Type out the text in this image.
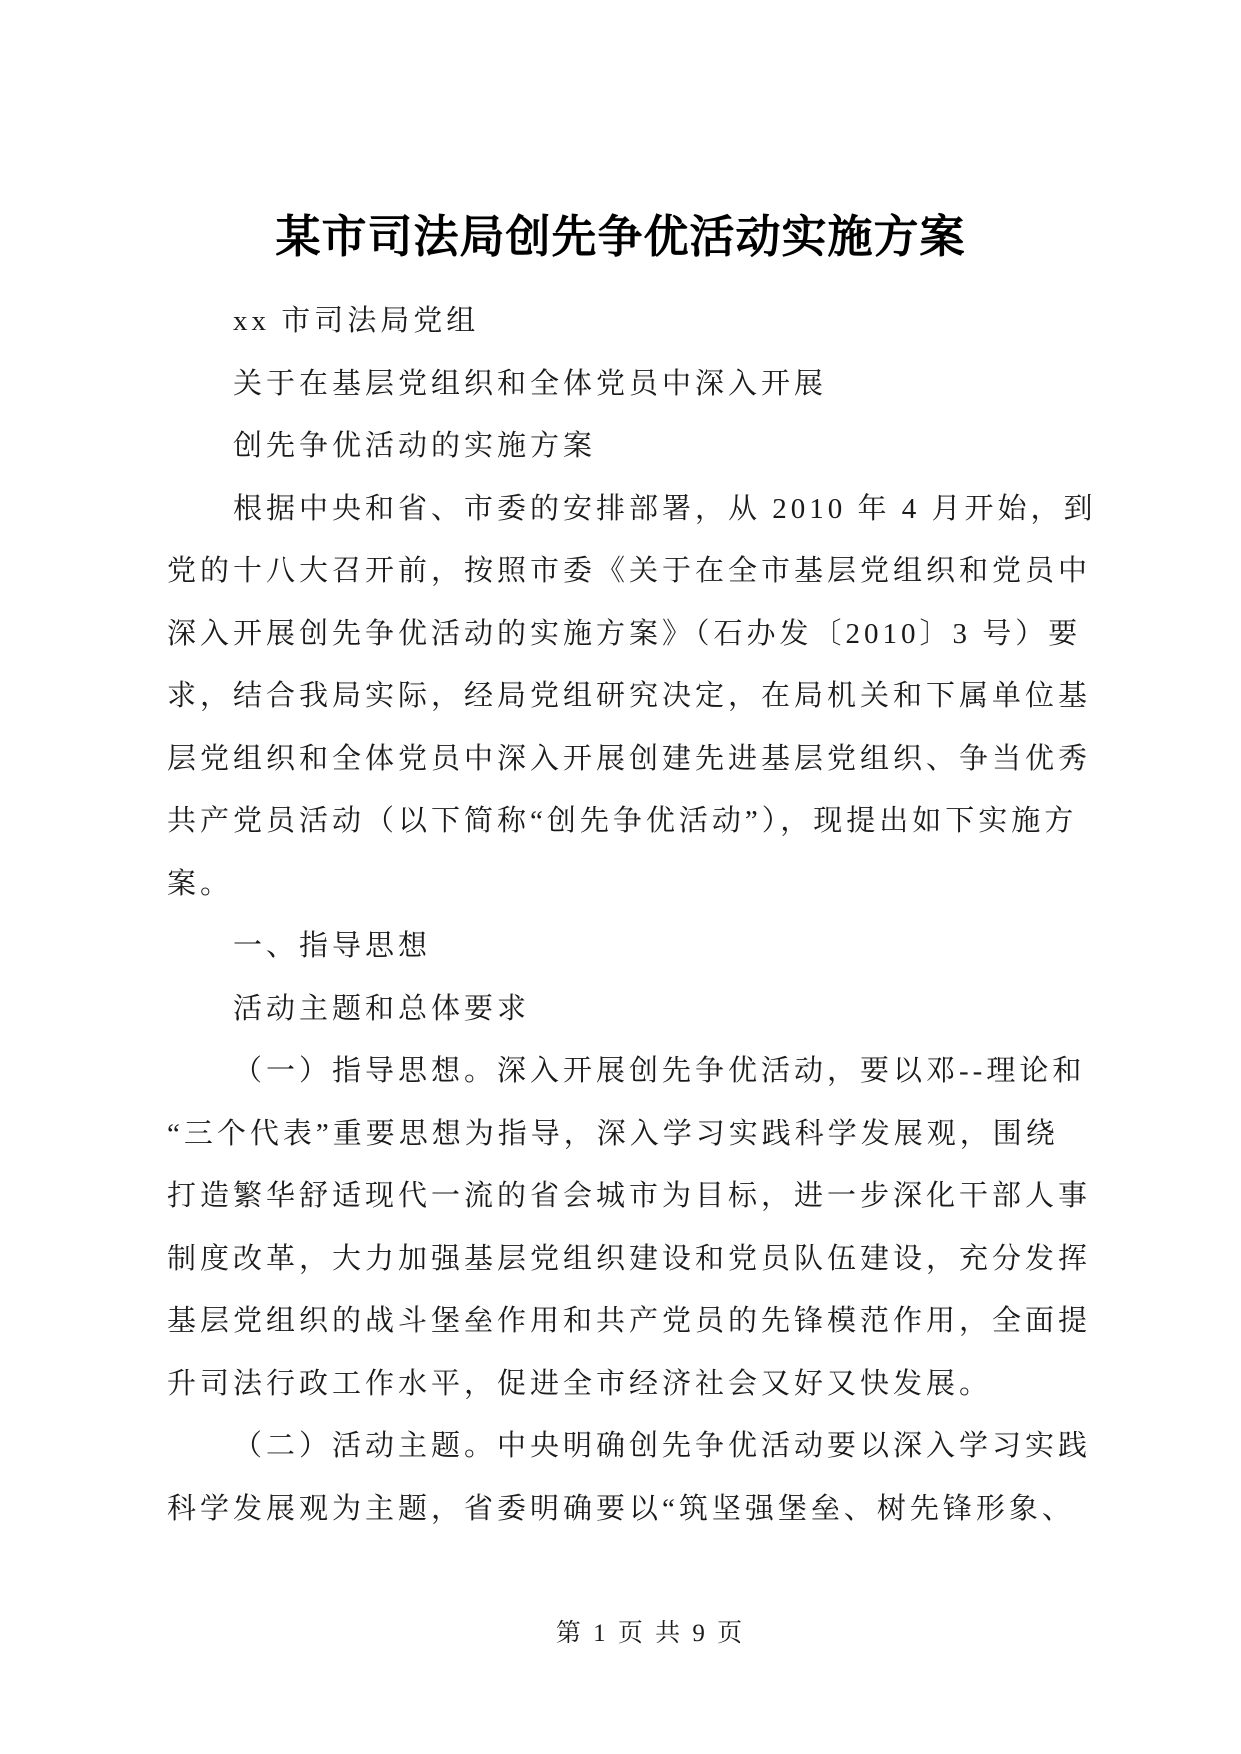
某市司法局创先争优活动实施方案
xx 市司法局党组
关于在基层党组织和全体党员中深入开展
创先争优活动的实施方案
根据中央和省、市委的安排部署，从 2010 年 4 月开始，到
党的十八大召开前，按照市委《关于在全市基层党组织和党员中
深入开展创先争优活动的实施方案》（石办发〔2010〕3 号）要
求，结合我局实际，经局党组研究决定，在局机关和下属单位基
层党组织和全体党员中深入开展创建先进基层党组织、争当优秀
共产党员活动（以下简称“创先争优活动”），现提出如下实施方
案。
一、指导思想
活动主题和总体要求
（一）指导思想。深入开展创先争优活动，要以邓--理论和
“三个代表”重要思想为指导，深入学习实践科学发展观，围绕
打造繁华舒适现代一流的省会城市为目标，进一步深化干部人事
制度改革，大力加强基层党组织建设和党员队伍建设，充分发挥
基层党组织的战斗堡垒作用和共产党员的先锋模范作用，全面提
升司法行政工作水平，促进全市经济社会又好又快发展。
（二）活动主题。中央明确创先争优活动要以深入学习实践
科学发展观为主题，省委明确要以“筑坚强堡垒、树先锋形象、
第 1 页 共 9 页
